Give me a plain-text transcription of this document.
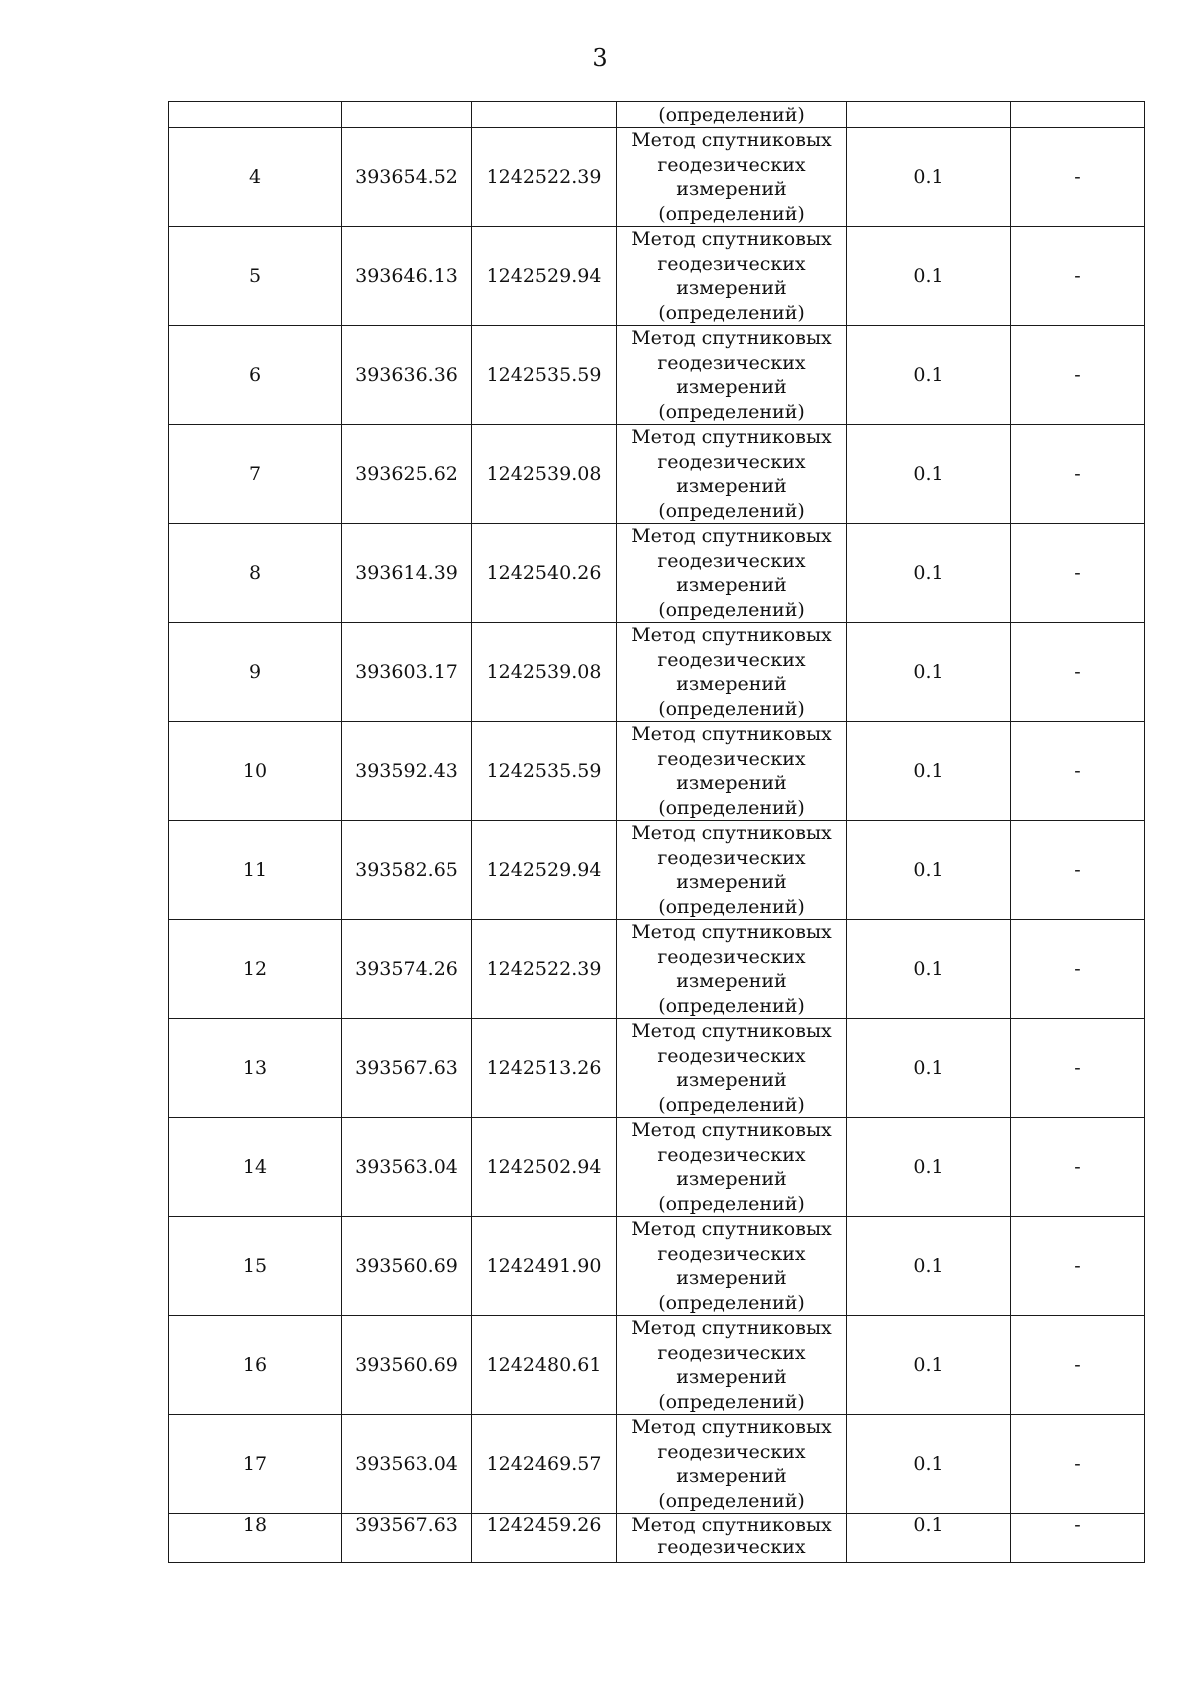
3

			(определений)		

4	393654.52	1242522.39	Метод спутниковых
геодезических
измерений
(определений)	0.1	-
5	393646.13	1242529.94	Метод спутниковых
геодезических
измерений
(определений)	0.1	-
6	393636.36	1242535.59	Метод спутниковых
геодезических
измерений
(определений)	0.1	-
7	393625.62	1242539.08	Метод спутниковых
геодезических
измерений
(определений)	0.1	-
8	393614.39	1242540.26	Метод спутниковых
геодезических
измерений
(определений)	0.1	-
9	393603.17	1242539.08	Метод спутниковых
геодезических
измерений
(определений)	0.1	-
10	393592.43	1242535.59	Метод спутниковых
геодезических
измерений
(определений)	0.1	-
11	393582.65	1242529.94	Метод спутниковых
геодезических
измерений
(определений)	0.1	-
12	393574.26	1242522.39	Метод спутниковых
геодезических
измерений
(определений)	0.1	-
13	393567.63	1242513.26	Метод спутниковых
геодезических
измерений
(определений)	0.1	-
14	393563.04	1242502.94	Метод спутниковых
геодезических
измерений
(определений)	0.1	-
15	393560.69	1242491.90	Метод спутниковых
геодезических
измерений
(определений)	0.1	-
16	393560.69	1242480.61	Метод спутниковых
геодезических
измерений
(определений)	0.1	-
17	393563.04	1242469.57	Метод спутниковых
геодезических
измерений
(определений)	0.1	-
18	393567.63	1242459.26	Метод спутниковых
геодезических	0.1	-
